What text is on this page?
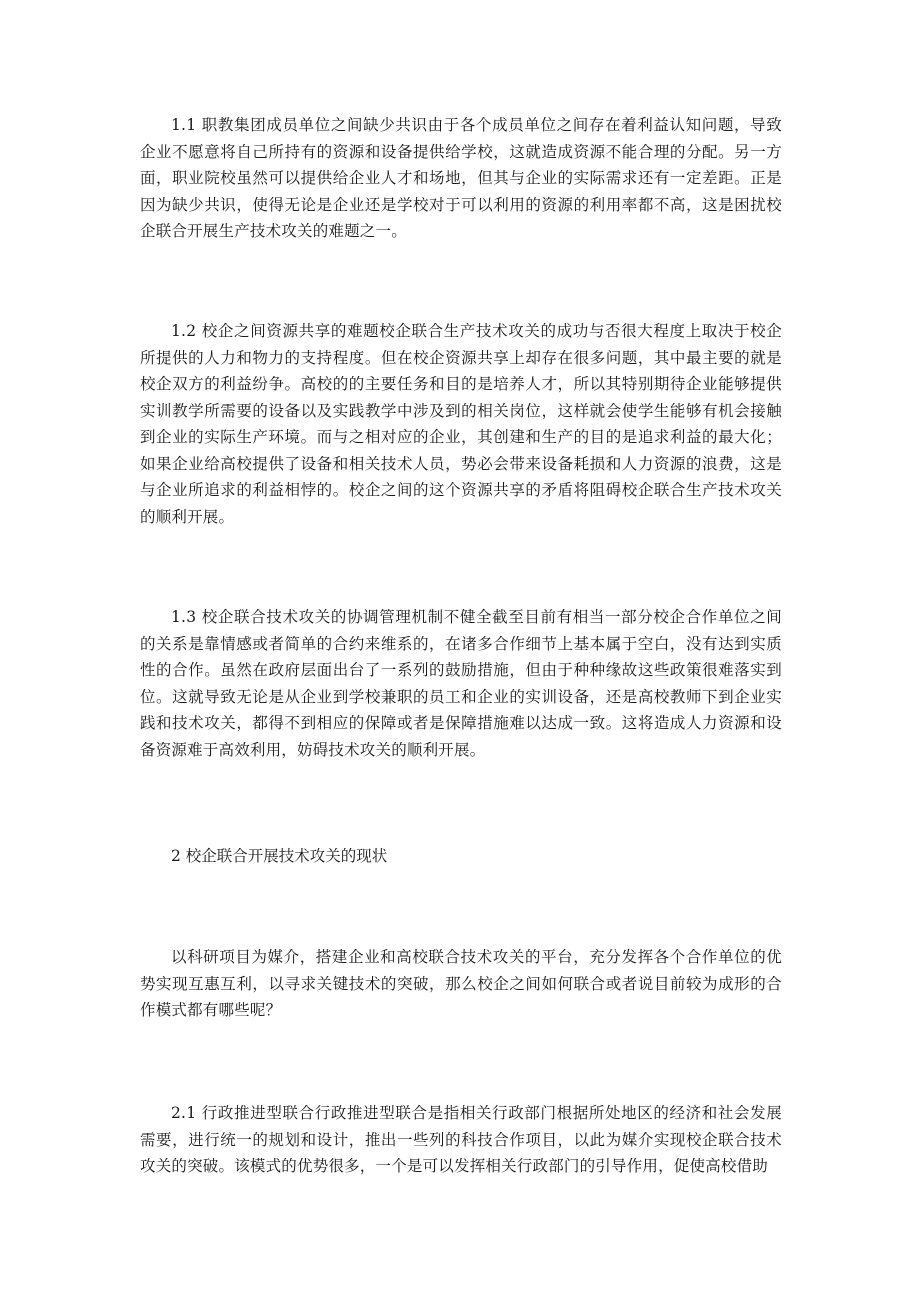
1.1 职教集团成员单位之间缺少共识由于各个成员单位之间存在着利益认知问题，导致企业不愿意将自己所持有的资源和设备提供给学校，这就造成资源不能合理的分配。另一方面，职业院校虽然可以提供给企业人才和场地，但其与企业的实际需求还有一定差距。正是因为缺少共识，使得无论是企业还是学校对于可以利用的资源的利用率都不高，这是困扰校企联合开展生产技术攻关的难题之一。

1.2 校企之间资源共享的难题校企联合生产技术攻关的成功与否很大程度上取决于校企所提供的人力和物力的支持程度。但在校企资源共享上却存在很多问题，其中最主要的就是校企双方的利益纷争。高校的的主要任务和目的是培养人才，所以其特别期待企业能够提供实训教学所需要的设备以及实践教学中涉及到的相关岗位，这样就会使学生能够有机会接触到企业的实际生产环境。而与之相对应的企业，其创建和生产的目的是追求利益的最大化；如果企业给高校提供了设备和相关技术人员，势必会带来设备耗损和人力资源的浪费，这是与企业所追求的利益相悖的。校企之间的这个资源共享的矛盾将阻碍校企联合生产技术攻关的顺利开展。

1.3 校企联合技术攻关的协调管理机制不健全截至目前有相当一部分校企合作单位之间的关系是靠情感或者简单的合约来维系的，在诸多合作细节上基本属于空白，没有达到实质性的合作。虽然在政府层面出台了一系列的鼓励措施，但由于种种缘故这些政策很难落实到位。这就导致无论是从企业到学校兼职的员工和企业的实训设备，还是高校教师下到企业实践和技术攻关，都得不到相应的保障或者是保障措施难以达成一致。这将造成人力资源和设备资源难于高效利用，妨碍技术攻关的顺利开展。

2 校企联合开展技术攻关的现状

以科研项目为媒介，搭建企业和高校联合技术攻关的平台，充分发挥各个合作单位的优势实现互惠互利，以寻求关键技术的突破，那么校企之间如何联合或者说目前较为成形的合作模式都有哪些呢？

2.1 行政推进型联合行政推进型联合是指相关行政部门根据所处地区的经济和社会发展需要，进行统一的规划和设计，推出一些列的科技合作项目，以此为媒介实现校企联合技术攻关的突破。该模式的优势很多，一个是可以发挥相关行政部门的引导作用，促使高校借助
